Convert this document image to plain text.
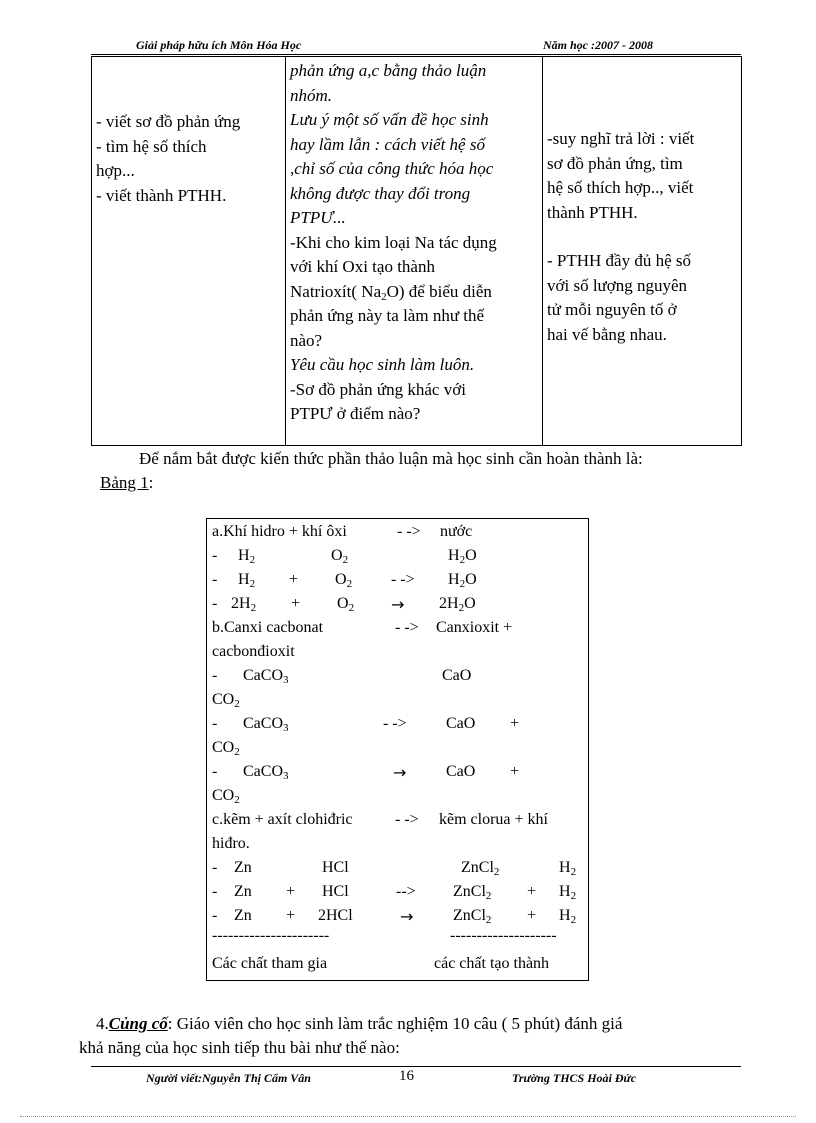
Giải pháp hữu ích Môn Hóa Học	Năm học :2007 - 2008
- viết sơ đồ phản ứng
- tìm hệ số thích
hợp...
- viết thành PTHH.

phản ứng a,c bằng thảo luận
nhóm.
Lưu ý một số vấn đề học sinh
hay lầm lẫn : cách viết hệ số
,chỉ số của công thức hóa học
không được thay đổi trong
PTPƯ...
-Khi cho kim loại Na tác dụng
với khí Oxi tạo thành
Natrioxít( $Na_2O$) để biểu diễn
phản ứng này ta làm như thế
nào?
Yêu cầu học sinh làm luôn.
-Sơ đồ phản ứng khác với
PTPƯ ở điểm nào?

-suy nghĩ trả lời : viết
sơ đồ phản ứng, tìm
hệ số thích hợp.., viết
thành PTHH.
- PTHH đầy đủ hệ số
với số lượng nguyên
tử mỗi nguyên tố ở
hai vế bằng nhau.
Để nắm bắt được kiến thức phần thảo luận mà học sinh cần hoàn thành là:
Bảng 1:
a.Khí hidro + khí ôxi	- -> nước
- $H_2$	$O_2$	$H_2O$
- $H_2 + O_2$ - -> $H_2O$
- $2H_2 + O_2 \to 2H_2O$
b.Canxi cacbonat	- -> Canxioxit +
cacbonđioxit
- CaCO$_3$	CaO
$CO_2$
- CaCO$_3$	- -> CaO +
$CO_2$
- CaCO$_3$	→ CaO +
$CO_2$
c.kẽm + axít clohiđric	- -> kẽm clorua + khí
hiđro.
- Zn	HCl	ZnCl$_2$	$H_2$
- Zn + HCl	--> ZnCl$_2$ + $H_2$
- Zn + 2HCl	→ ZnCl$_2$ + $H_2$
----------------------	--------------------
Các chất tham gia	các chất tạo thành
4.Củng cố: Giáo viên cho học sinh làm trắc nghiệm 10 câu ( 5 phút) đánh giá
khả năng của học sinh tiếp thu bài như thế nào:
Người viết:Nguyễn Thị Cẩm Vân	16	Trường THCS Hoài Đức
